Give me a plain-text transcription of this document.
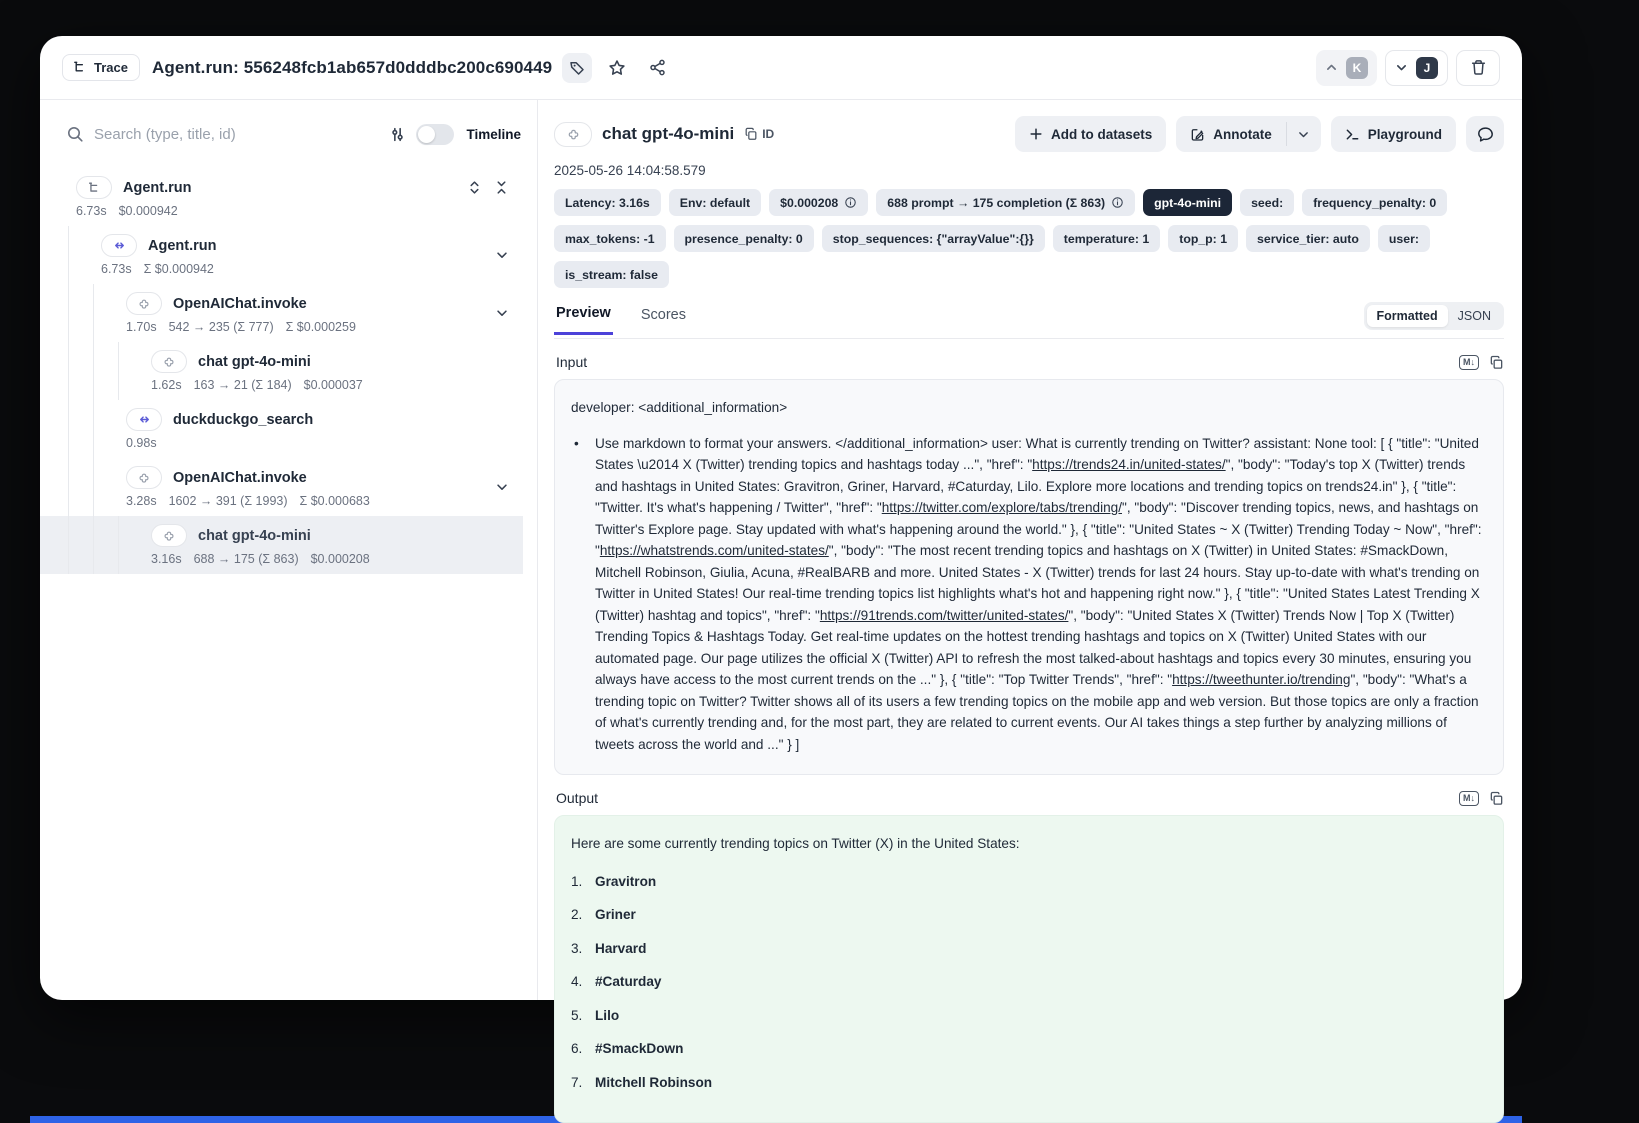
Trace Agent.run: 556248fcb1ab657d0dddbc200c690449	K	J
Search (type, title, id)
Timeline
Agent.run
6.73s $0.000942
Agent.run
6.73s Σ $0.000942
OpenAIChat.invoke
1.70s 542 → 235 (Σ 777) Σ $0.000259
chat gpt-4o-mini
1.62s 163 → 21 (Σ 184) $0.000037
duckduckgo_search
0.98s
OpenAIChat.invoke
3.28s 1602 → 391 (Σ 1993) Σ $0.000683
chat gpt-4o-mini
3.16s 688 → 175 (Σ 863) $0.000208
chat gpt-4o-mini ID	Add to datasets	Annotate	Playground
2025-05-26 14:04:58.579
Latency: 3.16s Env: default $0.000208	688 prompt → 175 completion (Σ 863)	gpt-4o-mini seed: frequency_penalty: 0
max_tokens: -1 presence_penalty: 0 stop_sequences: {"arrayValue":{}} temperature: 1 top_p: 1 service_tier: auto user:
is_stream: false
Preview Scores	Formatted	JSON
Input	M↓

developer: <additional_information>

•	Use markdown to format your answers. </additional_information> user: What is currently trending on Twitter? assistant: None tool: [ { "title": "United States \u2014 X (Twitter) trending topics and hashtags today ...", "href": "https://trends24.in/united-states/", "body": "Today's top X (Twitter) trends and hashtags in United States: Gravitron, Griner, Harvard, #Caturday, Lilo. Explore more locations and trending topics on trends24.in" }, { "title": "Twitter. It's what's happening / Twitter", "href": "https://twitter.com/explore/tabs/trending/", "body": "Discover trending topics, news, and hashtags on Twitter's Explore page. Stay updated with what's happening around the world." }, { "title": "United States ~ X (Twitter) Trending Today ~ Now", "href": "https://whatstrends.com/united-states/", "body": "The most recent trending topics and hashtags on X (Twitter) in United States: #SmackDown, Mitchell Robinson, Giulia, Acuna, #RealBARB and more. United States - X (Twitter) trends for last 24 hours. Stay up-to-date with what's trending on Twitter in United States! Our real-time trending topics list highlights what's hot and happening right now." }, { "title": "United States Latest Trending X (Twitter) hashtag and topics", "href": "https://91trends.com/twitter/united-states/", "body": "United States X (Twitter) Trends Now | Top X (Twitter) Trending Topics & Hashtags Today. Get real-time updates on the hottest trending hashtags and topics on X (Twitter) United States with our automated page. Our page utilizes the official X (Twitter) API to refresh the most talked-about hashtags and topics every 30 minutes, ensuring you always have access to the most current trends on the ..." }, { "title": "Top Twitter Trends", "href": "https://tweethunter.io/trending", "body": "What's a trending topic on Twitter? Twitter shows all of its users a few trending topics on the mobile app and web version. But those topics are only a fraction of what's currently trending and, for the most part, they are related to current events. Our AI takes things a step further by analyzing millions of tweets across the world and ..." } ]
Output	M↓

Here are some currently trending topics on Twitter (X) in the United States:

1. Gravitron
2. Griner
3. Harvard
4. #Caturday
5. Lilo
6. #SmackDown
7. Mitchell Robinson
